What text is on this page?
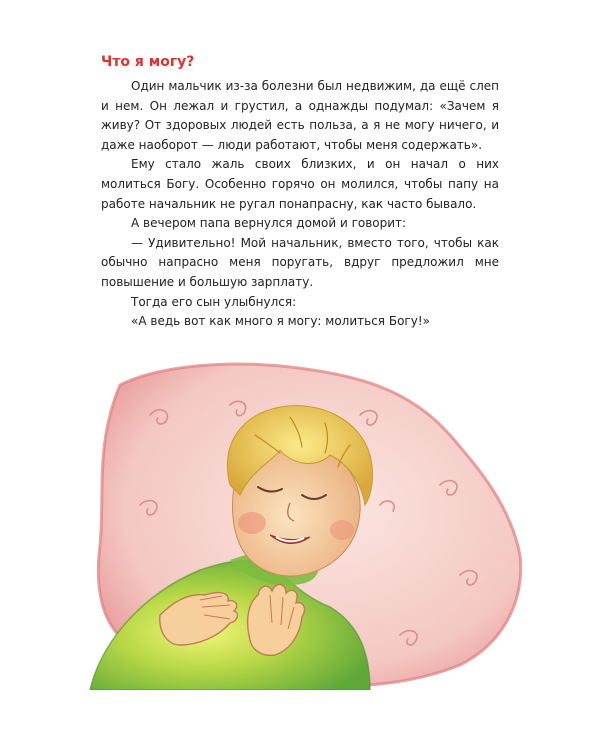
Что я могу?

Один мальчик из-за болезни был недвижим, да ещё слеп и нем. Он лежал и грустил, а однажды подумал: «Зачем я живу? От здоровых людей есть польза, а я не могу ничего, и даже наоборот — люди работают, чтобы меня содержать».

Ему стало жаль своих близких, и он начал о них молиться Богу. Особенно горячо он молился, чтобы папу на работе начальник не ругал понапрасну, как часто бывало.

А вечером папа вернулся домой и говорит:

— Удивительно! Мой начальник, вместо того, чтобы как обычно напрасно меня поругать, вдруг предложил мне повышение и большую зарплату.

Тогда его сын улыбнулся:

«А ведь вот как много я могу: молиться Богу!»
